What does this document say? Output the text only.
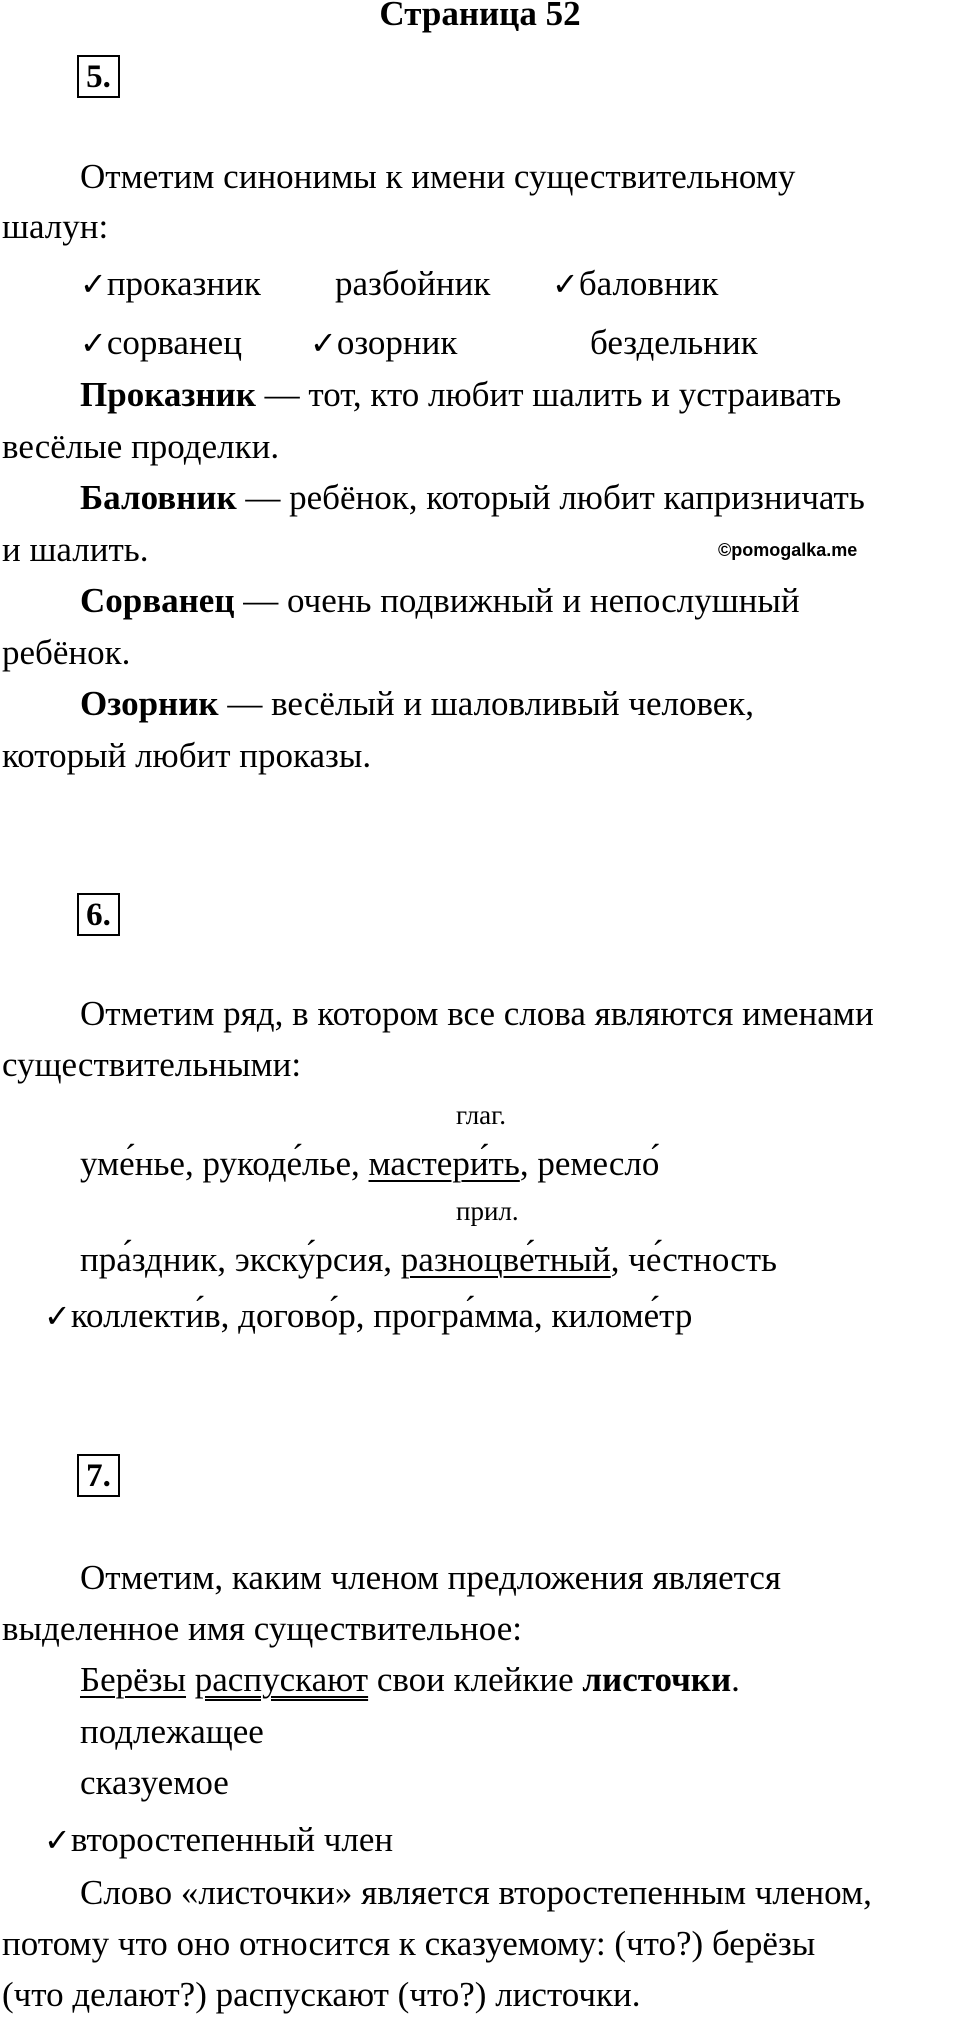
Страница 52
5.
Отметим синонимы к имени существительному
шалун:
✓проказник разбойник ✓баловник
✓сорванец ✓озорник	бездельник
Проказник — тот, кто любит шалить и устраивать
весёлые проделки.
Баловник — ребёнок, который любит капризничать
и шалить.	©pomogalka.me
Сорванец — очень подвижный и непослушный
ребёнок.
Озорник — весёлый и шаловливый человек,
который любит проказы.
6.
Отметим ряд, в котором все слова являются именами
существительными:
глаг.
уме́нье, рукоде́лье, мастери́ть, ремесло́
прил.
пра́здник, экску́рсия, разноцве́тный, че́стность
✓коллекти́в, догово́р, програ́мма, киломе́тр
7.
Отметим, каким членом предложения является
выделенное имя существительное:
Берёзы распускают свои клейкие листочки.
подлежащее
сказуемое
✓второстепенный член
Слово «листочки» является второстепенным членом,
потому что оно относится к сказуемому: (что?) берёзы
(что делают?) распускают (что?) листочки.
